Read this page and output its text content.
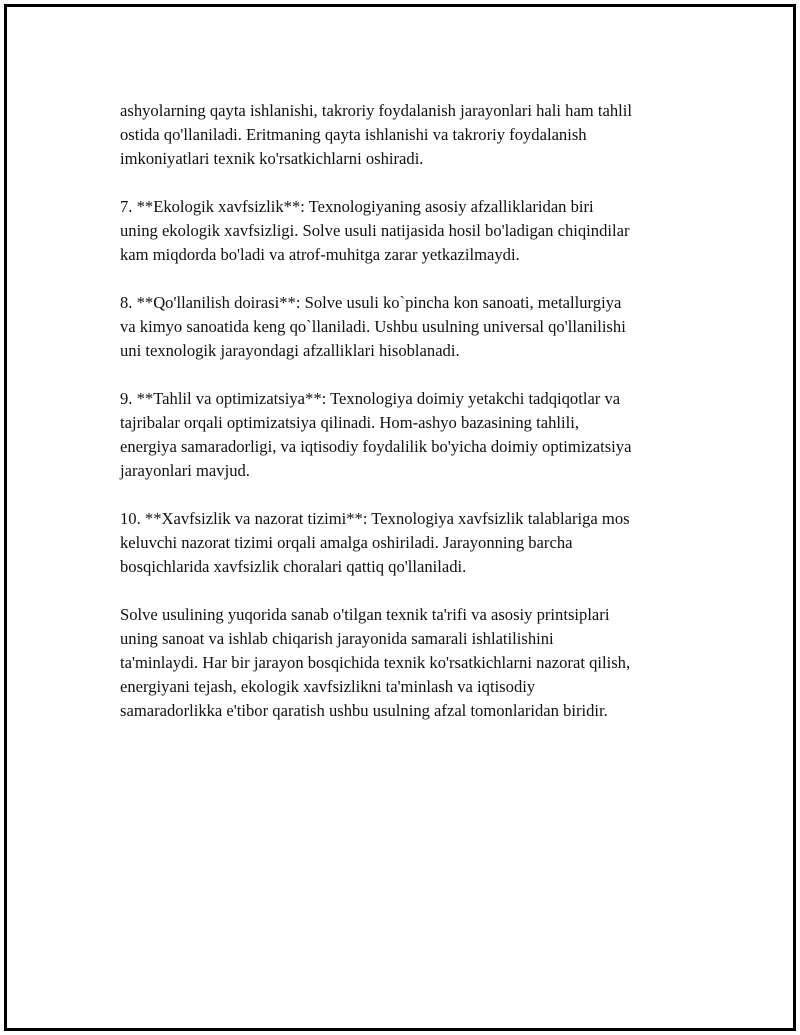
ashyolarning qayta ishlanishi, takroriy foydalanish jarayonlari hali ham tahlil
ostida qo'llaniladi. Eritmaning qayta ishlanishi va takroriy foydalanish
imkoniyatlari texnik ko'rsatkichlarni oshiradi.

7. **Ekologik xavfsizlik**: Texnologiyaning asosiy afzalliklaridan biri
uning ekologik xavfsizligi. Solve usuli natijasida hosil bo'ladigan chiqindilar
kam miqdorda bo'ladi va atrof-muhitga zarar yetkazilmaydi.

8. **Qo'llanilish doirasi**: Solve usuli ko`pincha kon sanoati, metallurgiya
va kimyo sanoatida keng qo`llaniladi. Ushbu usulning universal qo'llanilishi
uni texnologik jarayondagi afzalliklari hisoblanadi.

9. **Tahlil va optimizatsiya**: Texnologiya doimiy yetakchi tadqiqotlar va
tajribalar orqali optimizatsiya qilinadi. Hom-ashyo bazasining tahlili,
energiya samaradorligi, va iqtisodiy foydalilik bo'yicha doimiy optimizatsiya
jarayonlari mavjud.

10. **Xavfsizlik va nazorat tizimi**: Texnologiya xavfsizlik talablariga mos
keluvchi nazorat tizimi orqali amalga oshiriladi. Jarayonning barcha
bosqichlarida xavfsizlik choralari qattiq qo'llaniladi.

Solve usulining yuqorida sanab o'tilgan texnik ta'rifi va asosiy printsiplari
uning sanoat va ishlab chiqarish jarayonida samarali ishlatilishini
ta'minlaydi. Har bir jarayon bosqichida texnik ko'rsatkichlarni nazorat qilish,
energiyani tejash, ekologik xavfsizlikni ta'minlash va iqtisodiy
samaradorlikka e'tibor qaratish ushbu usulning afzal tomonlaridan biridir.
